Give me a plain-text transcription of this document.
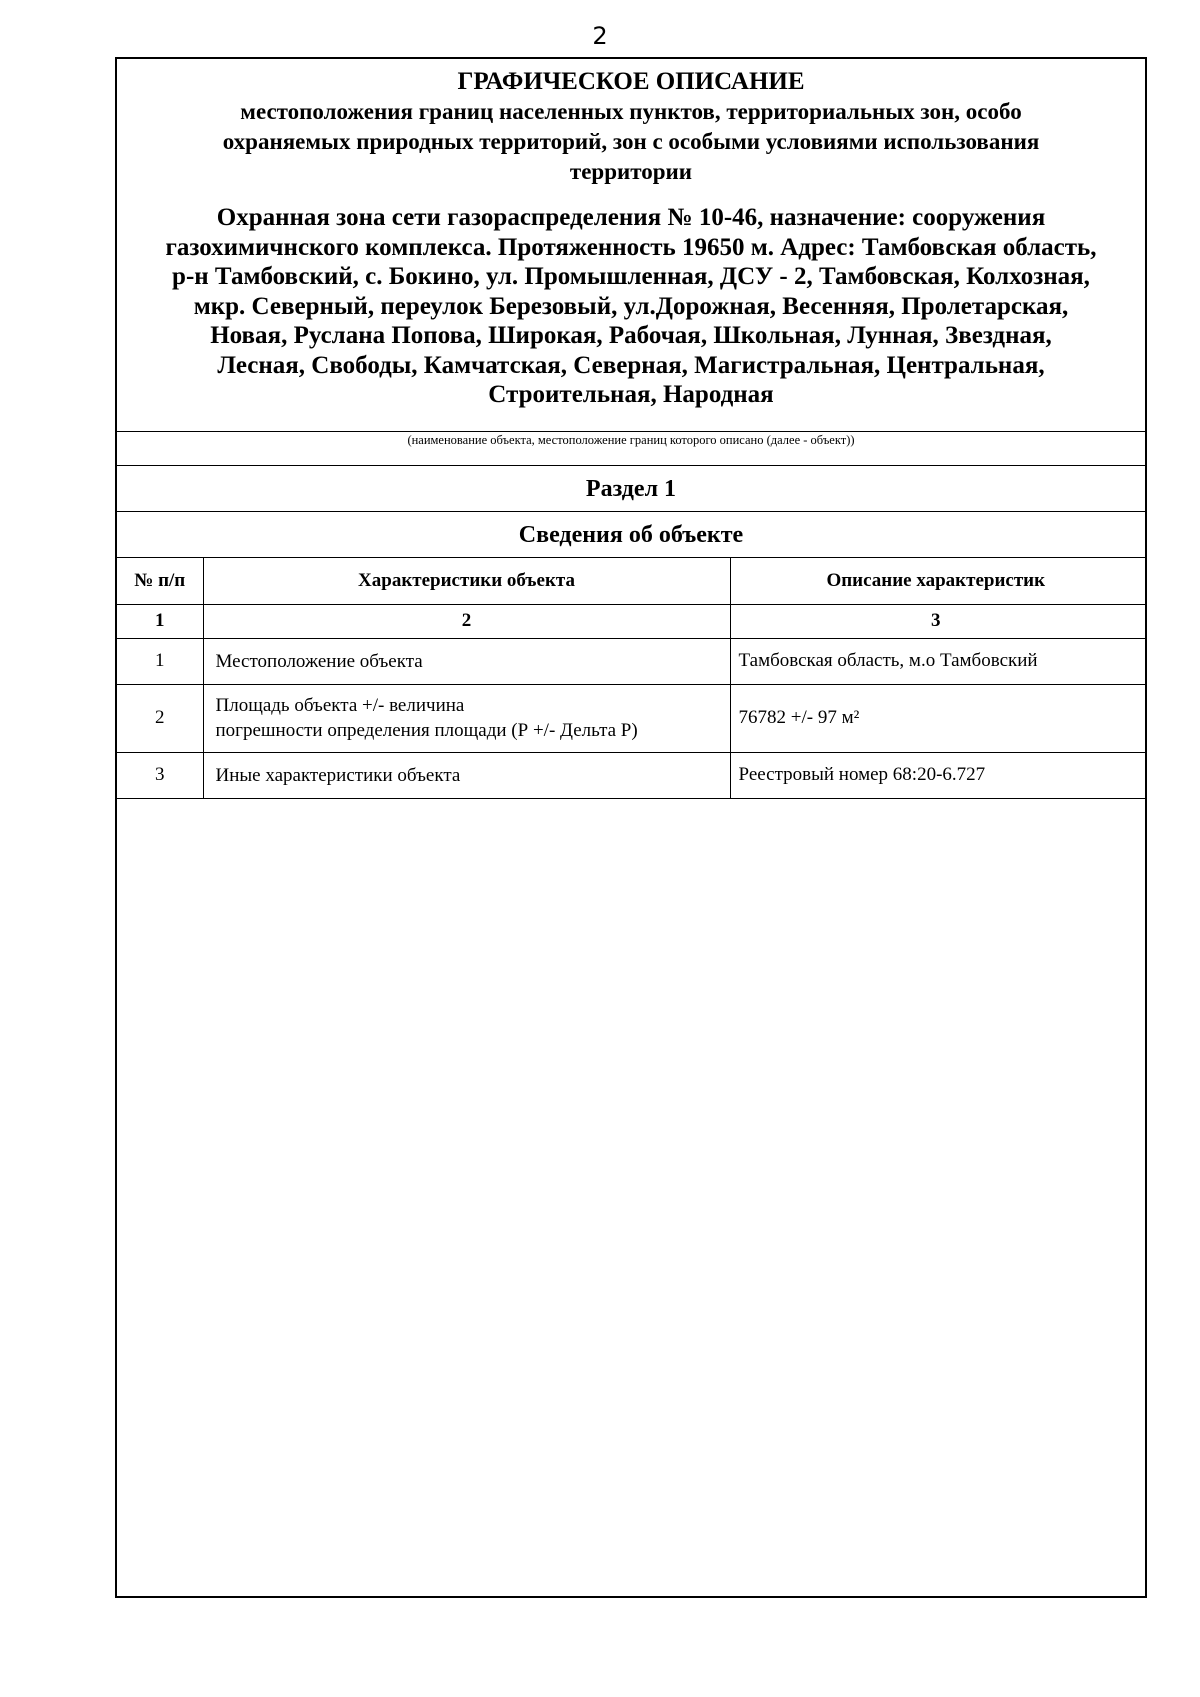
2
ГРАФИЧЕСКОЕ ОПИСАНИЕ
местоположения границ населенных пунктов, территориальных зон, особо
охраняемых природных территорий, зон с особыми условиями использования
территории
Охранная зона сети газораспределения № 10-46, назначение: сооружения
газохимичнского комплекса. Протяженность 19650 м. Адрес: Тамбовская область,
р-н Тамбовский, с. Бокино, ул. Промышленная, ДСУ - 2, Тамбовская, Колхозная,
мкр. Северный, переулок Березовый, ул.Дорожная, Весенняя, Пролетарская,
Новая, Руслана Попова, Широкая, Рабочая, Школьная, Лунная, Звездная,
Лесная, Свободы, Камчатская, Северная, Магистральная, Центральная,
Строительная, Народная
(наименование объекта, местоположение границ которого описано (далее - объект))
Раздел 1
Сведения об объекте
№ п/п	Характеристики объекта	Описание характеристик
1	2	3
1	Местоположение объекта	Тамбовская область, м.о Тамбовский
2	Площадь объекта +/- величина
погрешности определения площади (Р +/- Дельта Р)	76782 +/- 97 м²
3	Иные характеристики объекта	Реестровый номер 68:20-6.727
